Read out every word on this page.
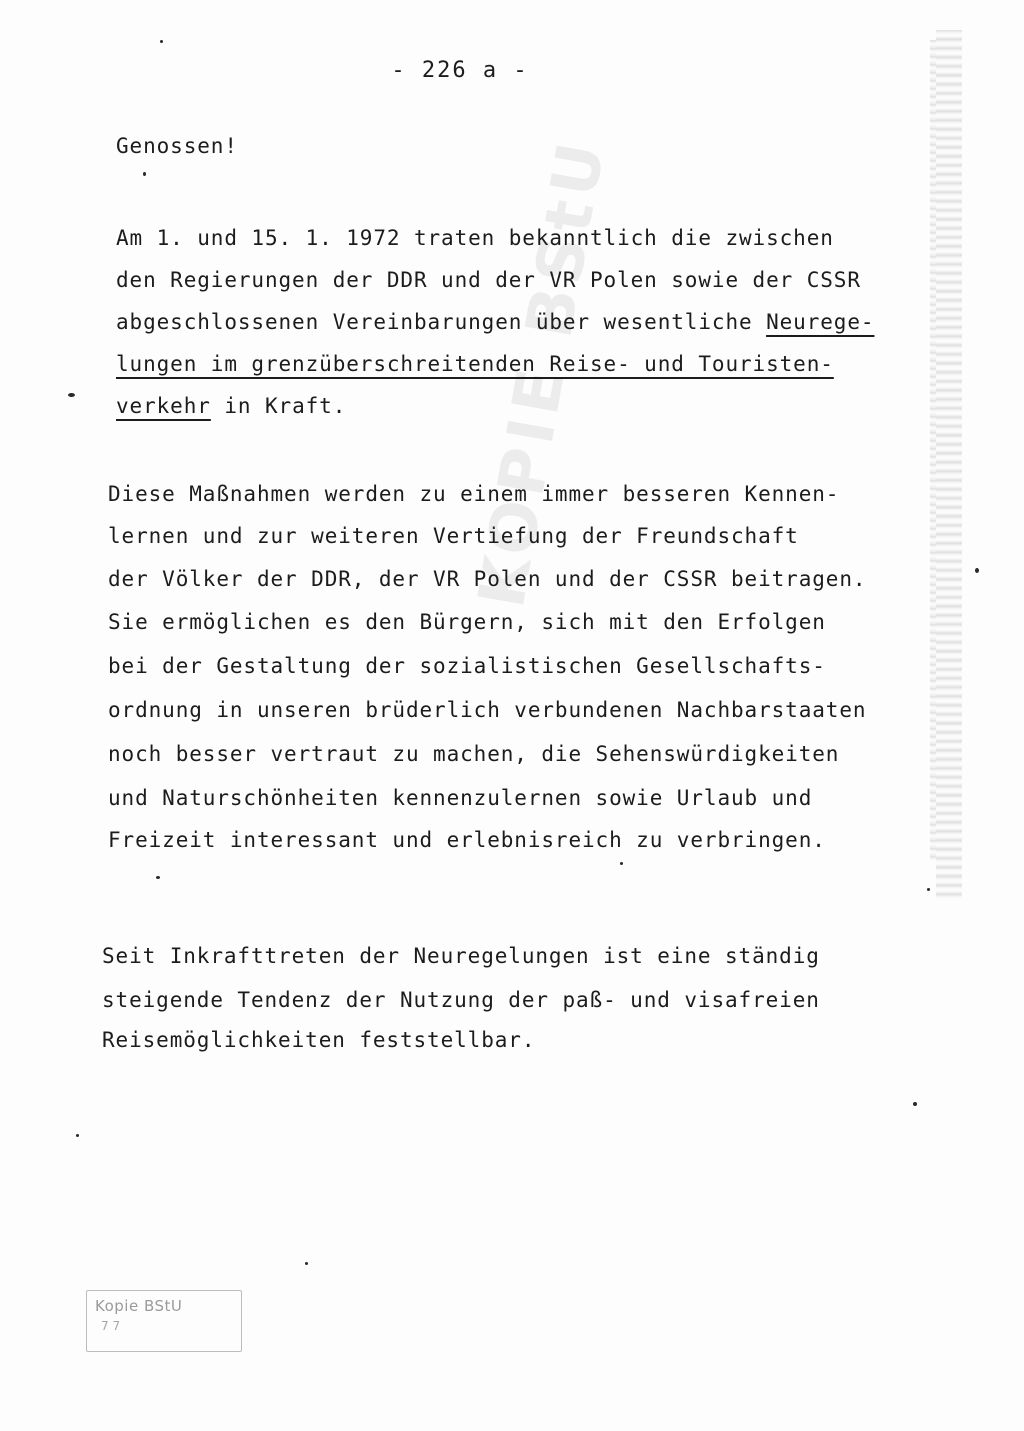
KOPIE BStU
- 226 a -
Genossen!
Am 1. und 15. 1. 1972 traten bekanntlich die zwischen
den Regierungen der DDR und der VR Polen sowie der CSSR
abgeschlossenen Vereinbarungen über wesentliche Neurege-
lungen im grenzüberschreitenden Reise- und Touristen-
verkehr in Kraft.
Diese Maßnahmen werden zu einem immer besseren Kennen-
lernen und zur weiteren Vertiefung der Freundschaft
der Völker der DDR, der VR Polen und der CSSR beitragen.
Sie ermöglichen es den Bürgern, sich mit den Erfolgen
bei der Gestaltung der sozialistischen Gesellschafts-
ordnung in unseren brüderlich verbundenen Nachbarstaaten
noch besser vertraut zu machen, die Sehenswürdigkeiten
und Naturschönheiten kennenzulernen sowie Urlaub und
Freizeit interessant und erlebnisreich zu verbringen.
Seit Inkrafttreten der Neuregelungen ist eine ständig
steigende Tendenz der Nutzung der paß- und visafreien
Reisemöglichkeiten feststellbar.
Kopie BStU
7 7
